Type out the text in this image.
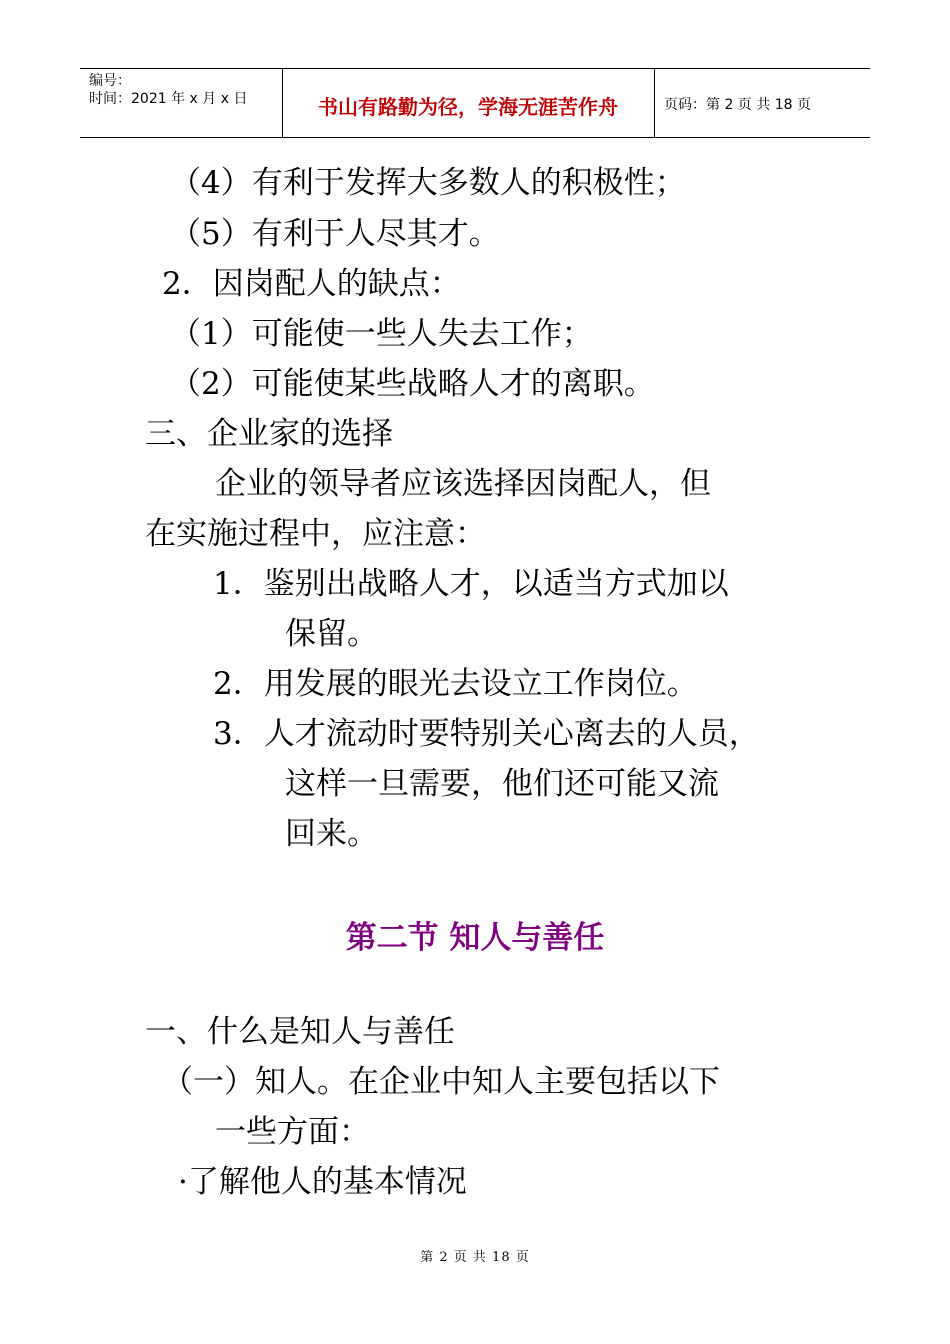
编号：
时间：2021 年 x 月 x 日	书山有路勤为径，学海无涯苦作舟	页码：第 2 页 共 18 页
（4）有利于发挥大多数人的积极性；
（5）有利于人尽其才。
2．因岗配人的缺点：
（1）可能使一些人失去工作；
（2）可能使某些战略人才的离职。
三、企业家的选择
企业的领导者应该选择因岗配人，但
在实施过程中，应注意：
1．鉴别出战略人才，以适当方式加以
保留。
2．用发展的眼光去设立工作岗位。
3．人才流动时要特别关心离去的人员，
这样一旦需要，他们还可能又流
回来。
第二节 知人与善任
一、什么是知人与善任
（一）知人。在企业中知人主要包括以下
一些方面：
·了解他人的基本情况
第 2 页 共 18 页
